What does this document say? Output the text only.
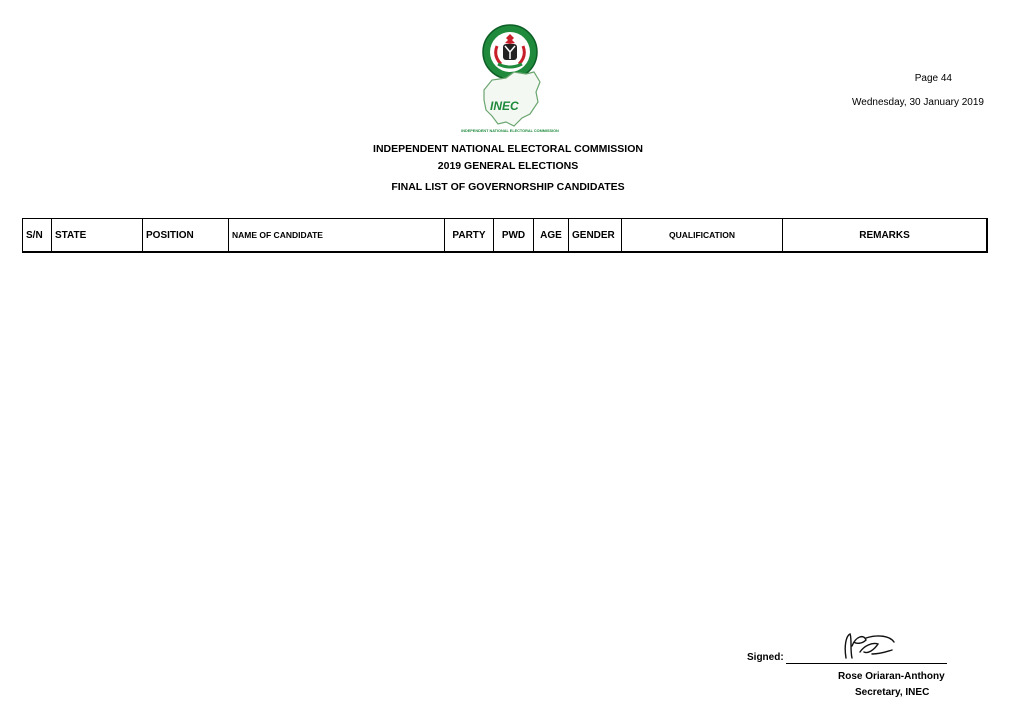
INEC
INDEPENDENT NATIONAL ELECTORAL COMMISSION
Page 44
Wednesday, 30 January 2019
INDEPENDENT NATIONAL ELECTORAL COMMISSION
2019 GENERAL ELECTIONS
FINAL LIST OF GOVERNORSHIP CANDIDATES
S/N	STATE	POSITION	NAME OF CANDIDATE	PARTY	PWD	AGE	GENDER	QUALIFICATION	REMARKS
Signed:
Rose Oriaran-Anthony
Secretary, INEC
